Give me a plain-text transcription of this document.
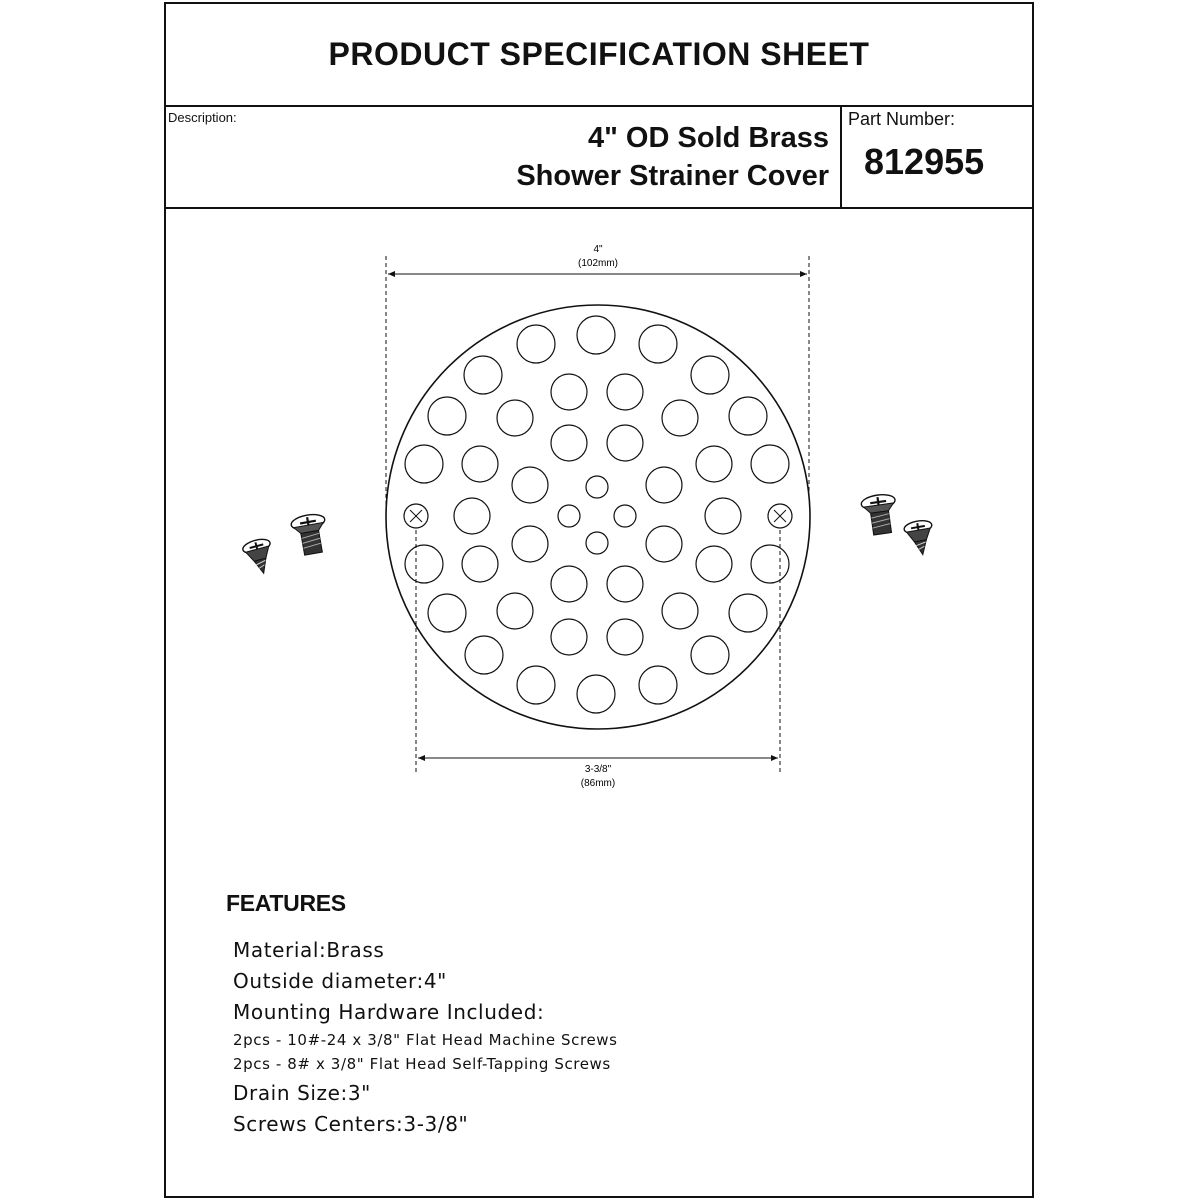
PRODUCT SPECIFICATION SHEET
Description:
4" OD Sold Brass
Shower Strainer Cover
Part Number:
812955
4"
(102mm)
3-3/8"
(86mm)
FEATURES
Material:Brass
Outside diameter:4"
Mounting Hardware Included:
2pcs - 10#-24 x 3/8" Flat Head Machine Screws
2pcs - 8# x 3/8" Flat Head Self-Tapping Screws
Drain Size:3"
Screws Centers:3-3/8"
